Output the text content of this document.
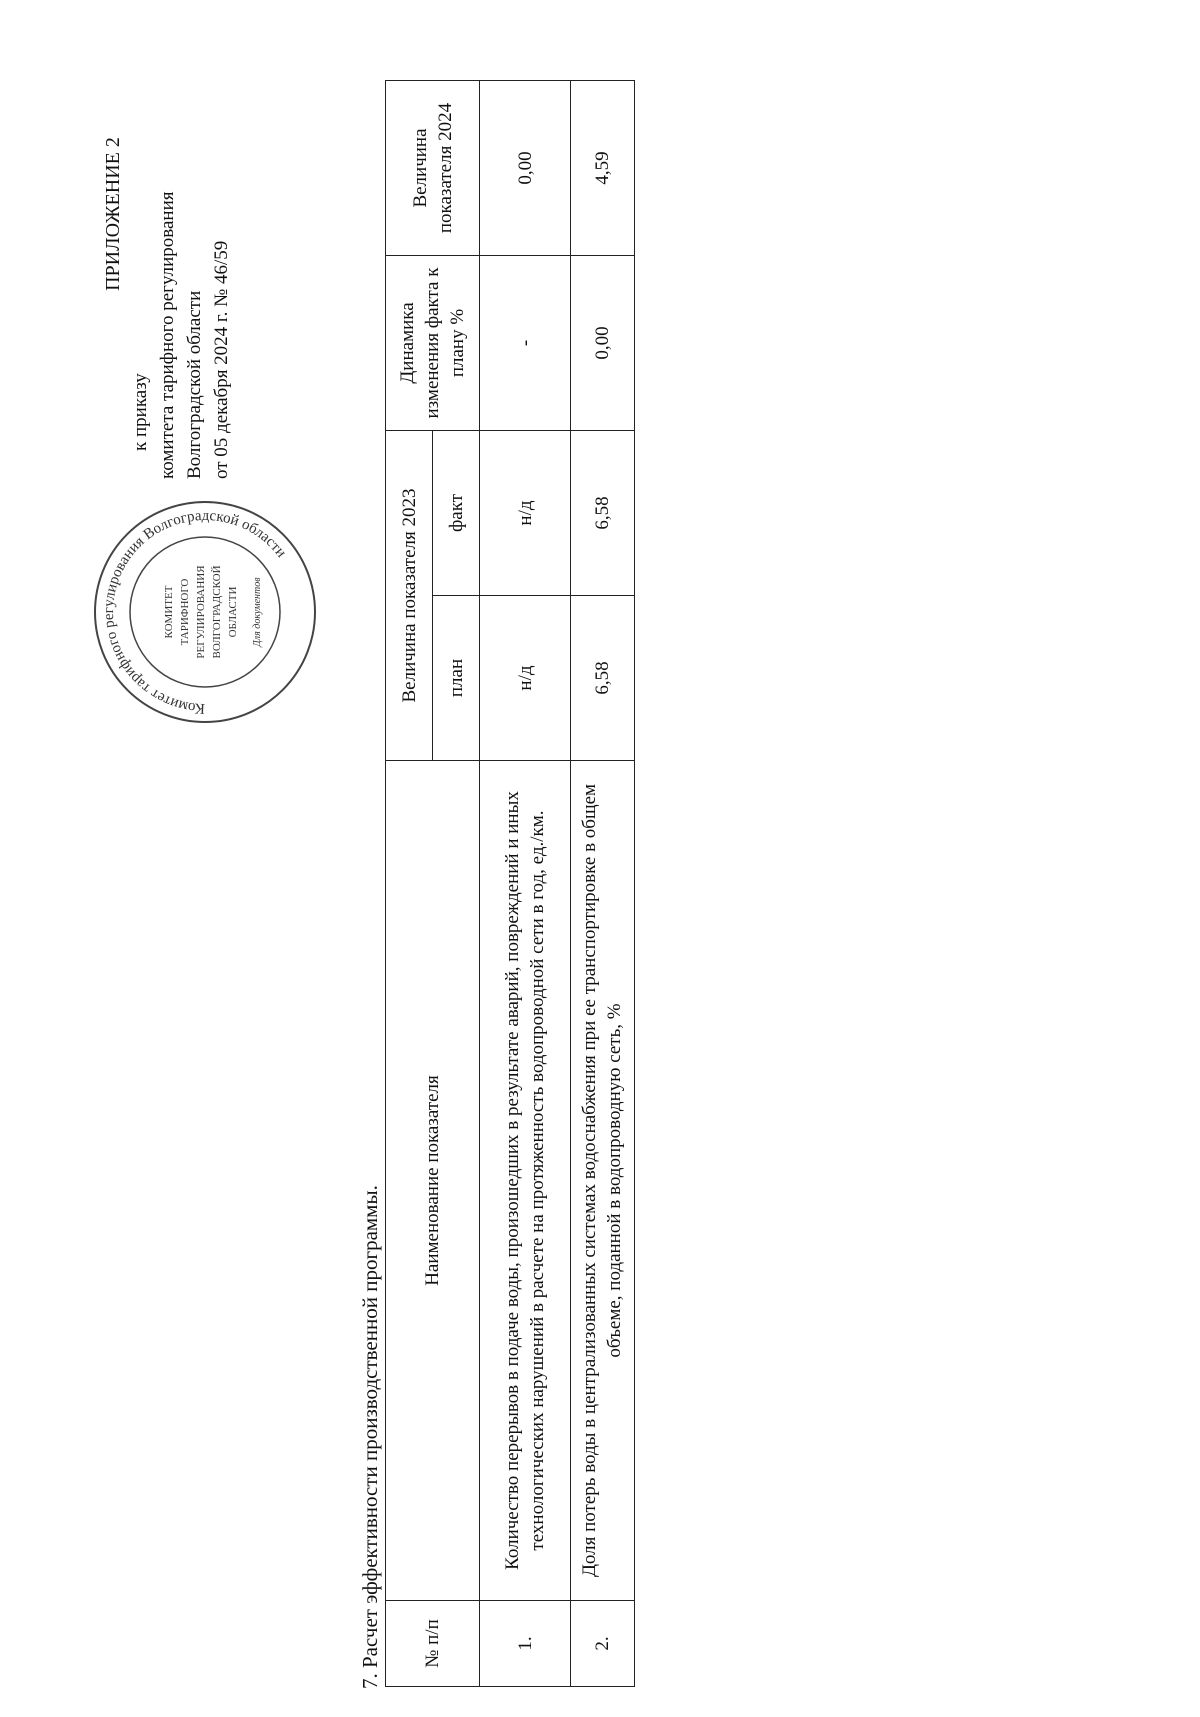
ПРИЛОЖЕНИЕ 2
к приказу комитета тарифного регулирования Волгоградской области от 05 декабря 2024 г. № 46/59
Комитет тарифного регулирования Волгоградской области
КОМИТЕТ ТАРИФНОГО РЕГУЛИРОВАНИЯ ВОЛГОГРАДСКОЙ ОБЛАСТИ Для документов
7. Расчет эффективности производственной программы. № п/п	Наименование показателя	Величина показателя 2023		Динамика изменения факта к плану %	Величина показателя 2024
		план	факт		
1.	Количество перерывов в подаче воды, произошедших в результате аварий, повреждений и иных технологических нарушений в расчете на протяженность водопроводной сети в год, ед./км.	н/д	н/д	-	0,00
2.	Доля потерь воды в централизованных системах водоснабжения при ее транспортировке в общем объеме, поданной в водопроводную сеть, %	6,58	6,58	0,00	4,59
